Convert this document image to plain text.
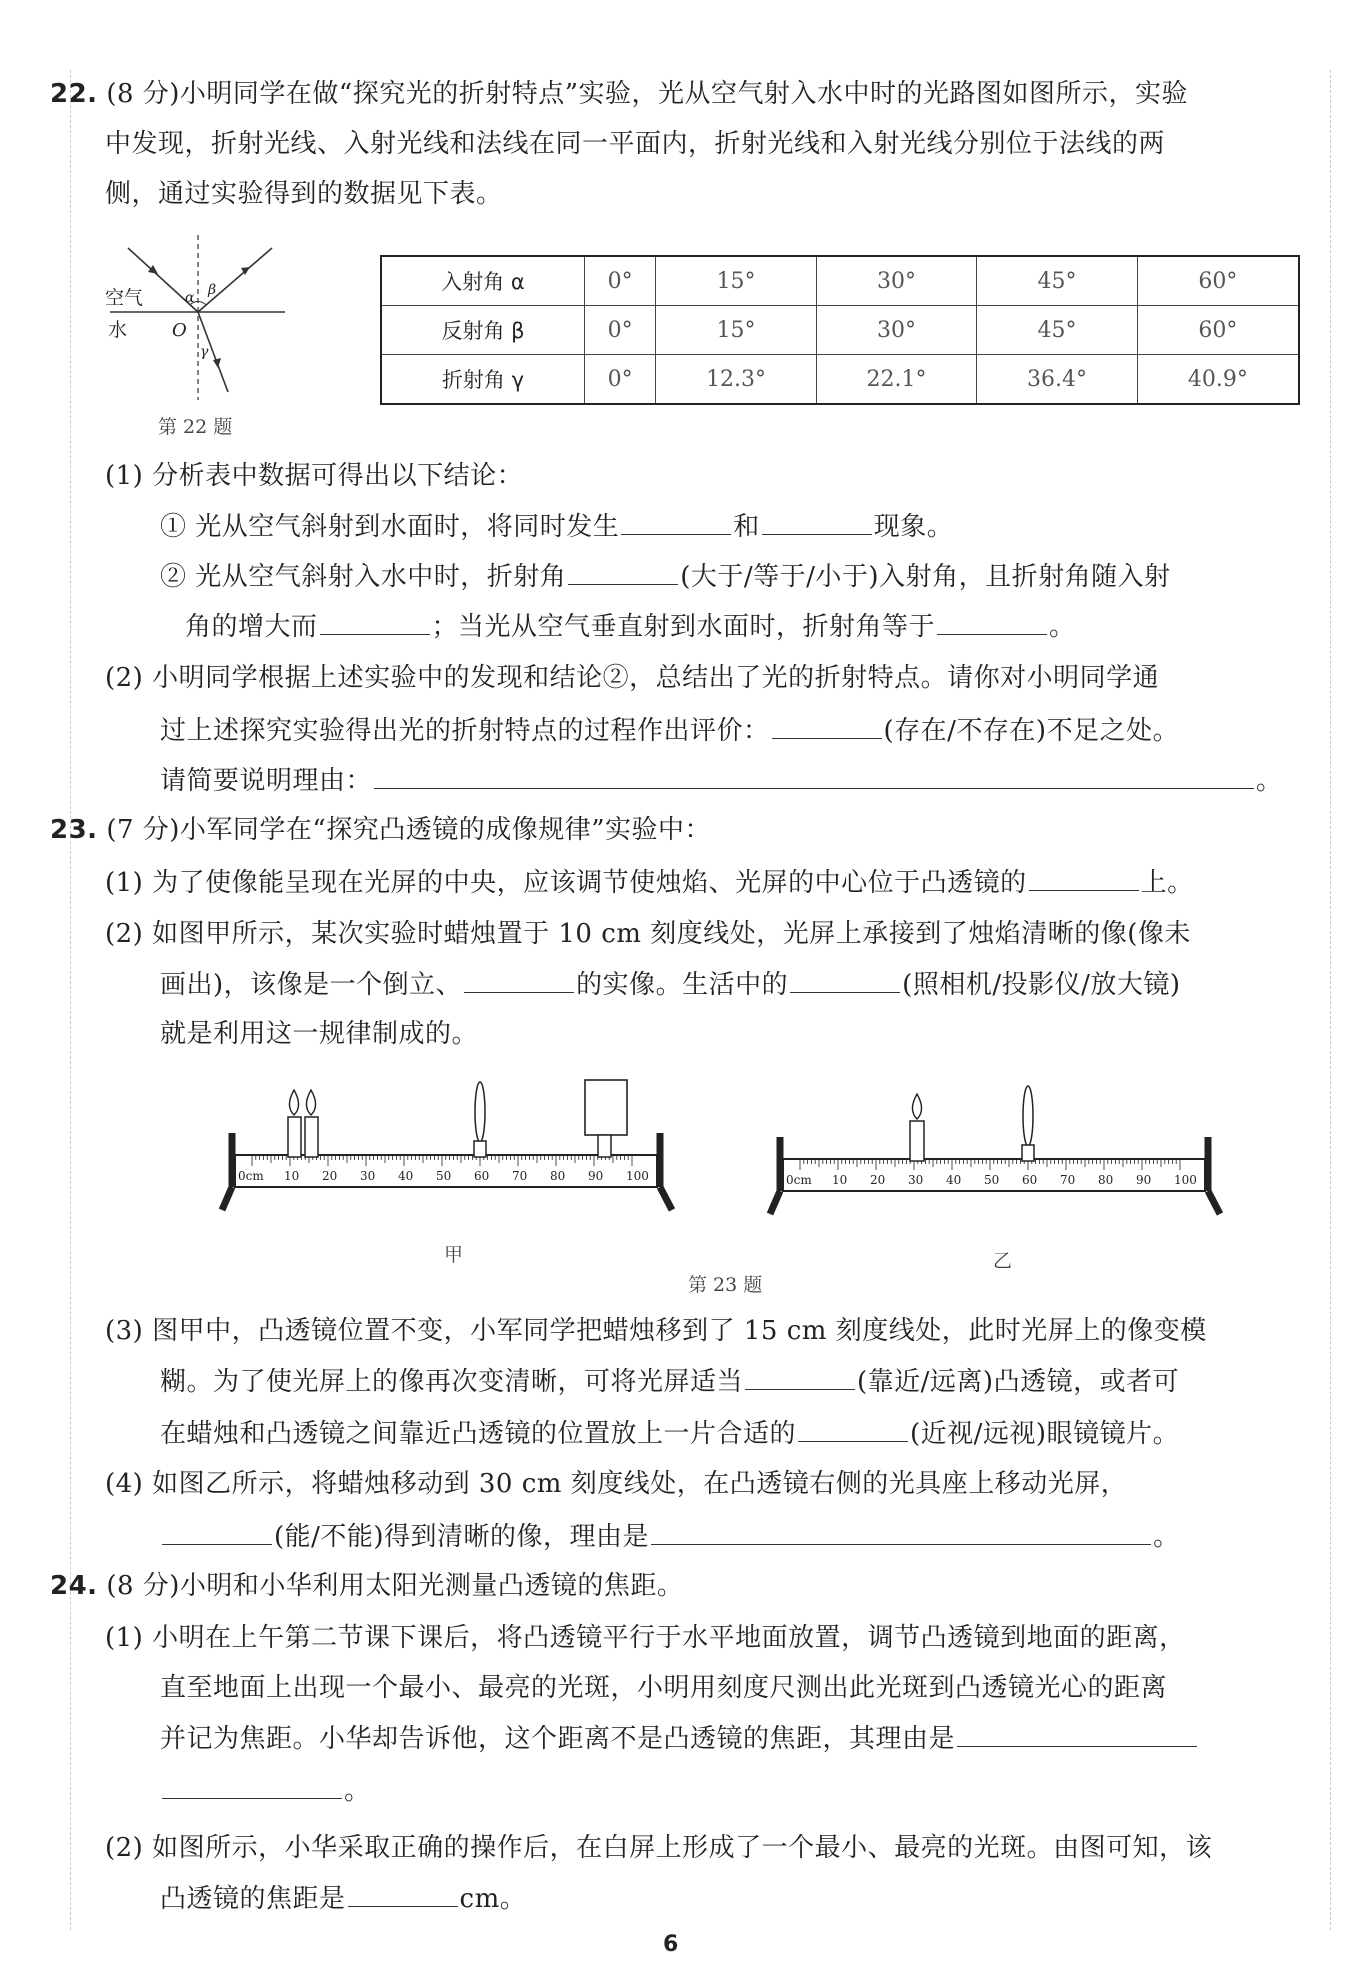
22. (8 分)小明同学在做“探究光的折射特点”实验，光从空气射入水中时的光路图如图所示，实验
中发现，折射光线、入射光线和法线在同一平面内，折射光线和入射光线分别位于法线的两
侧，通过实验得到的数据见下表。
空气
水 O
α β
γ
第 22 题
入射角 α	0°	15°	30°	45°	60°
反射角 β	0°	15°	30°	45°	60°
折射角 γ	0°	12.3°	22.1°	36.4°	40.9°
(1) 分析表中数据可得出以下结论：
① 光从空气斜射到水面时，将同时发生	和	现象。
② 光从空气斜射入水中时，折射角	(大于/等于/小于)入射角，且折射角随入射
角的增大而	；当光从空气垂直射到水面时，折射角等于	。
(2) 小明同学根据上述实验中的发现和结论②，总结出了光的折射特点。请你对小明同学通
过上述探究实验得出光的折射特点的过程作出评价：	(存在/不存在)不足之处。
请简要说明理由：	。
23. (7 分)小军同学在“探究凸透镜的成像规律”实验中：
(1) 为了使像能呈现在光屏的中央，应该调节使烛焰、光屏的中心位于凸透镜的	上。
(2) 如图甲所示，某次实验时蜡烛置于 10 cm 刻度线处，光屏上承接到了烛焰清晰的像(像未
画出)，该像是一个倒立、	的实像。生活中的	(照相机/投影仪/放大镜)
就是利用这一规律制成的。
0cm 10 20 30 40 50 60 70 80 90 100
甲
0cm 10 20 30 40 50 60 70 80 90 100
乙
第 23 题
(3) 图甲中，凸透镜位置不变，小军同学把蜡烛移到了 15 cm 刻度线处，此时光屏上的像变模
糊。为了使光屏上的像再次变清晰，可将光屏适当	(靠近/远离)凸透镜，或者可
在蜡烛和凸透镜之间靠近凸透镜的位置放上一片合适的	(近视/远视)眼镜镜片。
(4) 如图乙所示，将蜡烛移动到 30 cm 刻度线处，在凸透镜右侧的光具座上移动光屏，
(能/不能)得到清晰的像，理由是	。
24. (8 分)小明和小华利用太阳光测量凸透镜的焦距。
(1) 小明在上午第二节课下课后，将凸透镜平行于水平地面放置，调节凸透镜到地面的距离，
直至地面上出现一个最小、最亮的光斑，小明用刻度尺测出此光斑到凸透镜光心的距离
并记为焦距。小华却告诉他，这个距离不是凸透镜的焦距，其理由是
。
(2) 如图所示，小华采取正确的操作后，在白屏上形成了一个最小、最亮的光斑。由图可知，该
凸透镜的焦距是	cm。
6
